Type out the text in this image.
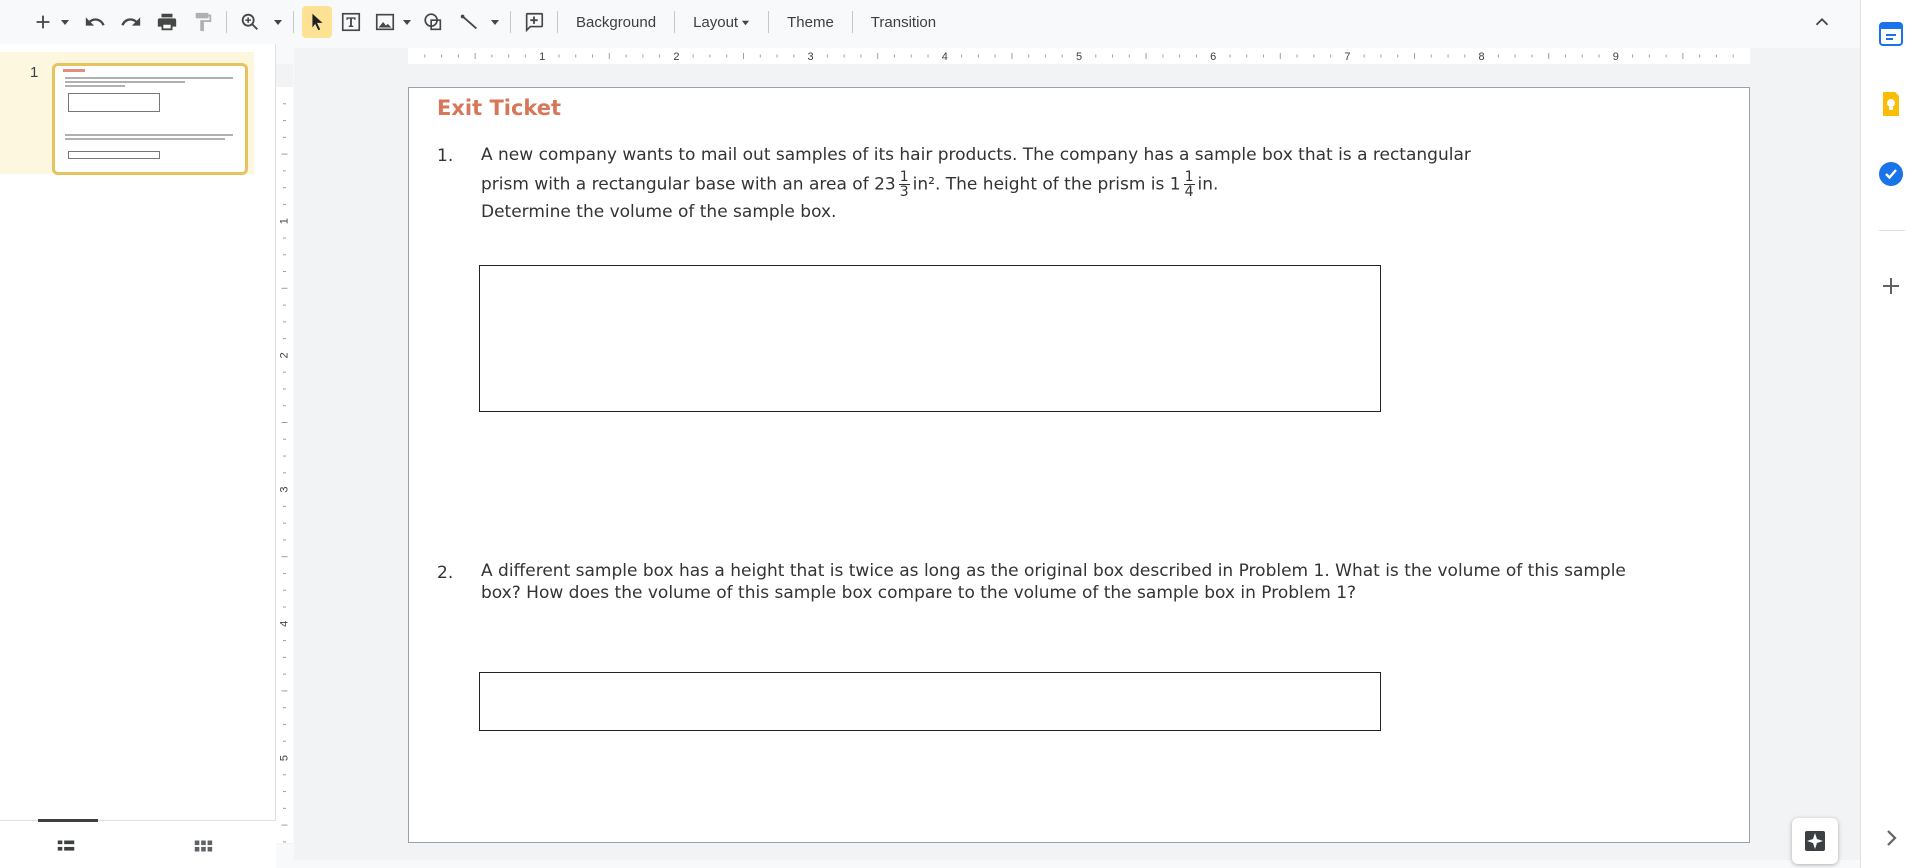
Background	Layout	Theme	Transition
1
1	2	3	4	5	6	7	8	9
1
2
3
4
5
Exit Ticket
1. A new company wants to mail out samples of its hair products. The company has a sample box that is a rectangular
prism with a rectangular base with an area of $23 \frac{1}{3} in^2$. The height of the prism is $1 \frac{1}{4}$ in.
Determine the volume of the sample box.
2. A different sample box has a height that is twice as long as the original box described in Problem 1. What is the volume of this sample box? How does the volume of this sample box compare to the volume of the sample box in Problem 1?
